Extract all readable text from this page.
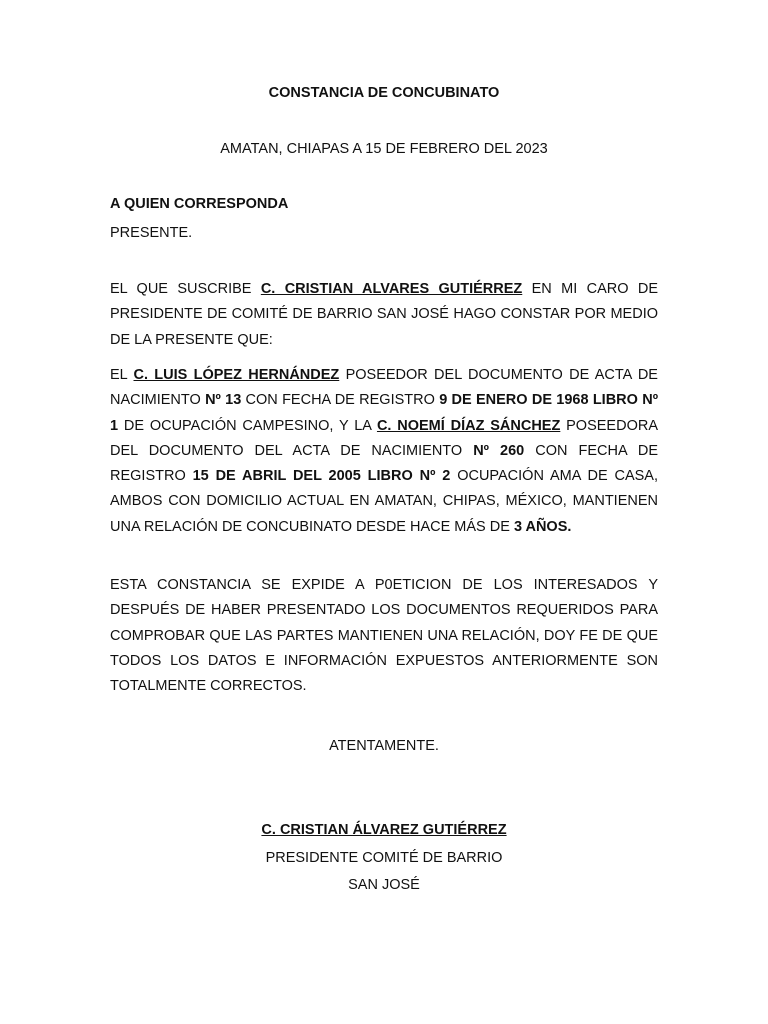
CONSTANCIA DE CONCUBINATO
AMATAN, CHIAPAS A 15 DE FEBRERO DEL 2023
A QUIEN CORRESPONDA
PRESENTE.

EL QUE SUSCRIBE C. CRISTIAN ALVARES GUTIÉRREZ EN MI CARO DE PRESIDENTE DE COMITÉ DE BARRIO SAN JOSÉ HAGO CONSTAR POR MEDIO DE LA PRESENTE QUE:

EL C. LUIS LÓPEZ HERNÁNDEZ POSEEDOR DEL DOCUMENTO DE ACTA DE NACIMIENTO Nº 13 CON FECHA DE REGISTRO 9 DE ENERO DE 1968 LIBRO Nº 1 DE OCUPACIÓN CAMPESINO, Y LA C. NOEMÍ DÍAZ SÁNCHEZ POSEEDORA DEL DOCUMENTO DEL ACTA DE NACIMIENTO Nº 260 CON FECHA DE REGISTRO 15 DE ABRIL DEL 2005 LIBRO Nº 2 OCUPACIÓN AMA DE CASA, AMBOS CON DOMICILIO ACTUAL EN AMATAN, CHIPAS, MÉXICO, MANTIENEN UNA RELACIÓN DE CONCUBINATO DESDE HACE MÁS DE 3 AÑOS.

ESTA CONSTANCIA SE EXPIDE A P0ETICION DE LOS INTERESADOS Y DESPUÉS DE HABER PRESENTADO LOS DOCUMENTOS REQUERIDOS PARA COMPROBAR QUE LAS PARTES MANTIENEN UNA RELACIÓN, DOY FE DE QUE TODOS LOS DATOS E INFORMACIÓN EXPUESTOS ANTERIORMENTE SON TOTALMENTE CORRECTOS.

ATENTAMENTE.
C. CRISTIAN ÁLVAREZ GUTIÉRREZ
PRESIDENTE COMITÉ DE BARRIO
SAN JOSÉ
